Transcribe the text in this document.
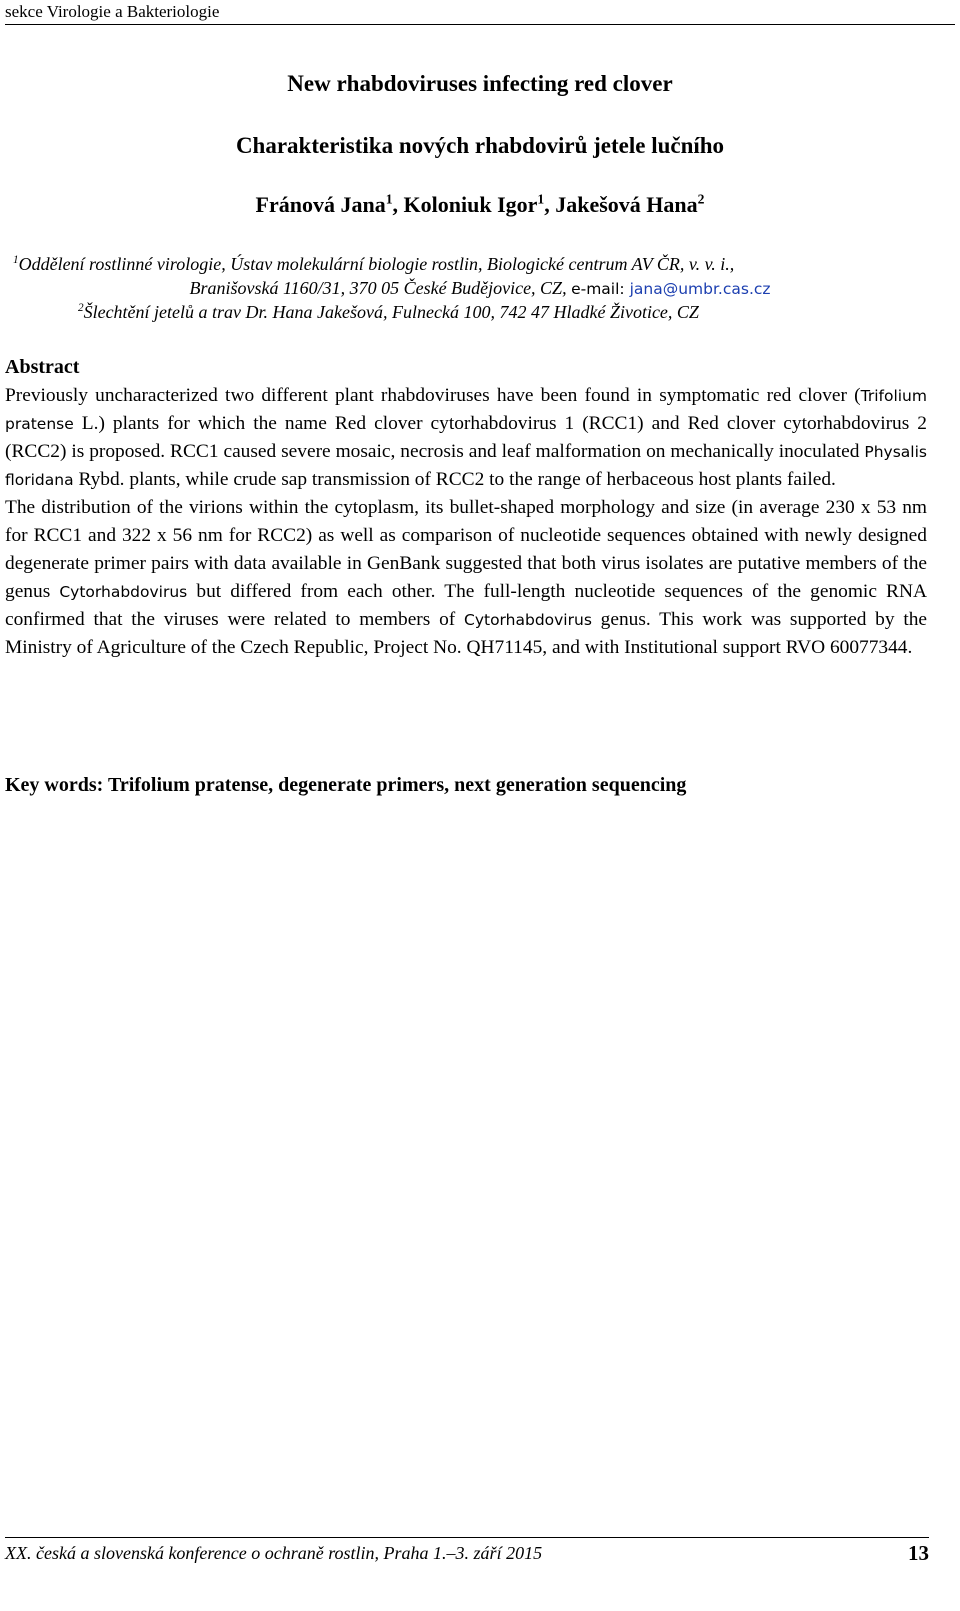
sekce Virologie a Bakteriologie
New rhabdoviruses infecting red clover
Charakteristika nových rhabdovirů jetele lučního
Fránová Jana$^1$, Koloniuk Igor$^1$, Jakešová Hana$^2$
$^1$Oddělení rostlinné virologie, Ústav molekulární biologie rostlin, Biologické centrum AV ČR, v. v. i.,
Branišovská 1160/31, 370 05 České Budějovice, CZ, e-mail: jana@umbr.cas.cz
$^2$Šlechtění jetelů a trav Dr. Hana Jakešová, Fulnecká 100, 742 47 Hladké Životice, CZ
Abstract

Previously uncharacterized two different plant rhabdoviruses have been found in symptomatic red clover (Trifolium pratense L.) plants for which the name Red clover cytorhabdovirus 1 (RCC1) and Red clover cytorhabdovirus 2 (RCC2) is proposed. RCC1 caused severe mosaic, necrosis and leaf malformation on mechanically inoculated Physalis floridana Rybd. plants, while crude sap transmission of RCC2 to the range of herbaceous host plants failed.

The distribution of the virions within the cytoplasm, its bullet-shaped morphology and size (in average 230 x 53 nm for RCC1 and 322 x 56 nm for RCC2) as well as comparison of nucleotide sequences obtained with newly designed degenerate primer pairs with data available in GenBank suggested that both virus isolates are putative members of the genus Cytorhabdovirus but differed from each other. The full-length nucleotide sequences of the genomic RNA confirmed that the viruses were related to members of Cytorhabdovirus genus. This work was supported by the Ministry of Agriculture of the Czech Republic, Project No. QH71145, and with Institutional support RVO 60077344.

Key words: Trifolium pratense, degenerate primers, next generation sequencing
XX. česká a slovenská konference o ochraně rostlin, Praha 1.–3. září 2015	13
